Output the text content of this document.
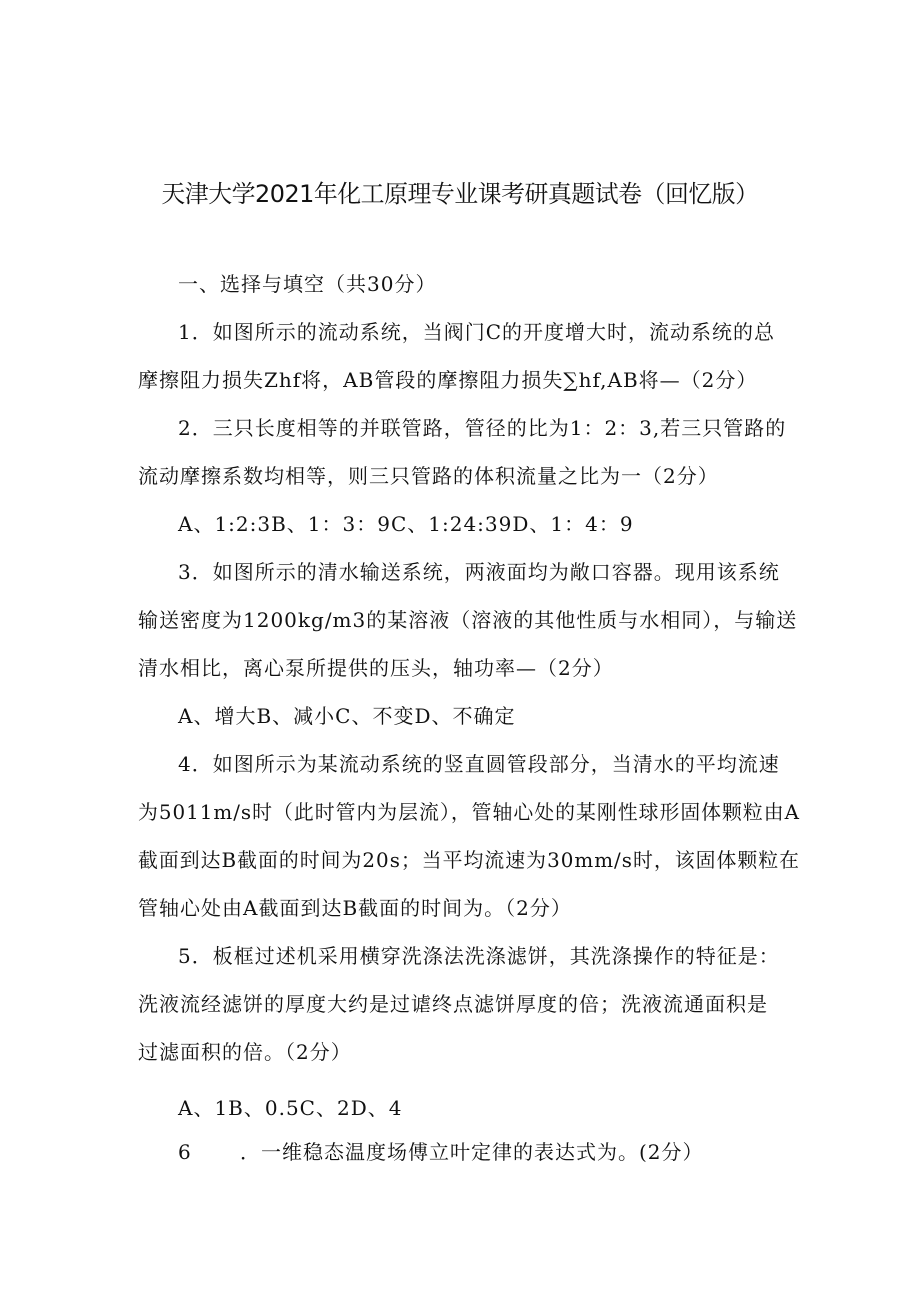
天津大学2021年化工原理专业课考研真题试卷（回忆版）
一、选择与填空（共30分）
1．如图所示的流动系统，当阀门C的开度增大时，流动系统的总
摩擦阻力损失Zhf将，AB管段的摩擦阻力损失∑hf,AB将—（2分）
2．三只长度相等的并联管路，管径的比为1：2：3,若三只管路的
流动摩擦系数均相等，则三只管路的体积流量之比为一（2分）
A、1:2:3B、1：3：9C、1:24:39D、1：4：9
3．如图所示的清水输送系统，两液面均为敞口容器。现用该系统
输送密度为1200kg/m3的某溶液（溶液的其他性质与水相同），与输送
清水相比，离心泵所提供的压头，轴功率—（2分）
A、增大B、减小C、不变D、不确定
4．如图所示为某流动系统的竖直圆管段部分，当清水的平均流速
为5011m/s时（此时管内为层流），管轴心处的某刚性球形固体颗粒由A
截面到达B截面的时间为20s；当平均流速为30mm/s时，该固体颗粒在
管轴心处由A截面到达B截面的时间为。（2分）
5．板框过述机采用横穿洗涤法洗涤滤饼，其洗涤操作的特征是：
洗液流经滤饼的厚度大约是过谑终点滤饼厚度的倍；洗液流通面积是
过滤面积的倍。（2分）
A、1B、0.5C、2D、4
6 ．一维稳态温度场傅立叶定律的表达式为。(2分）
